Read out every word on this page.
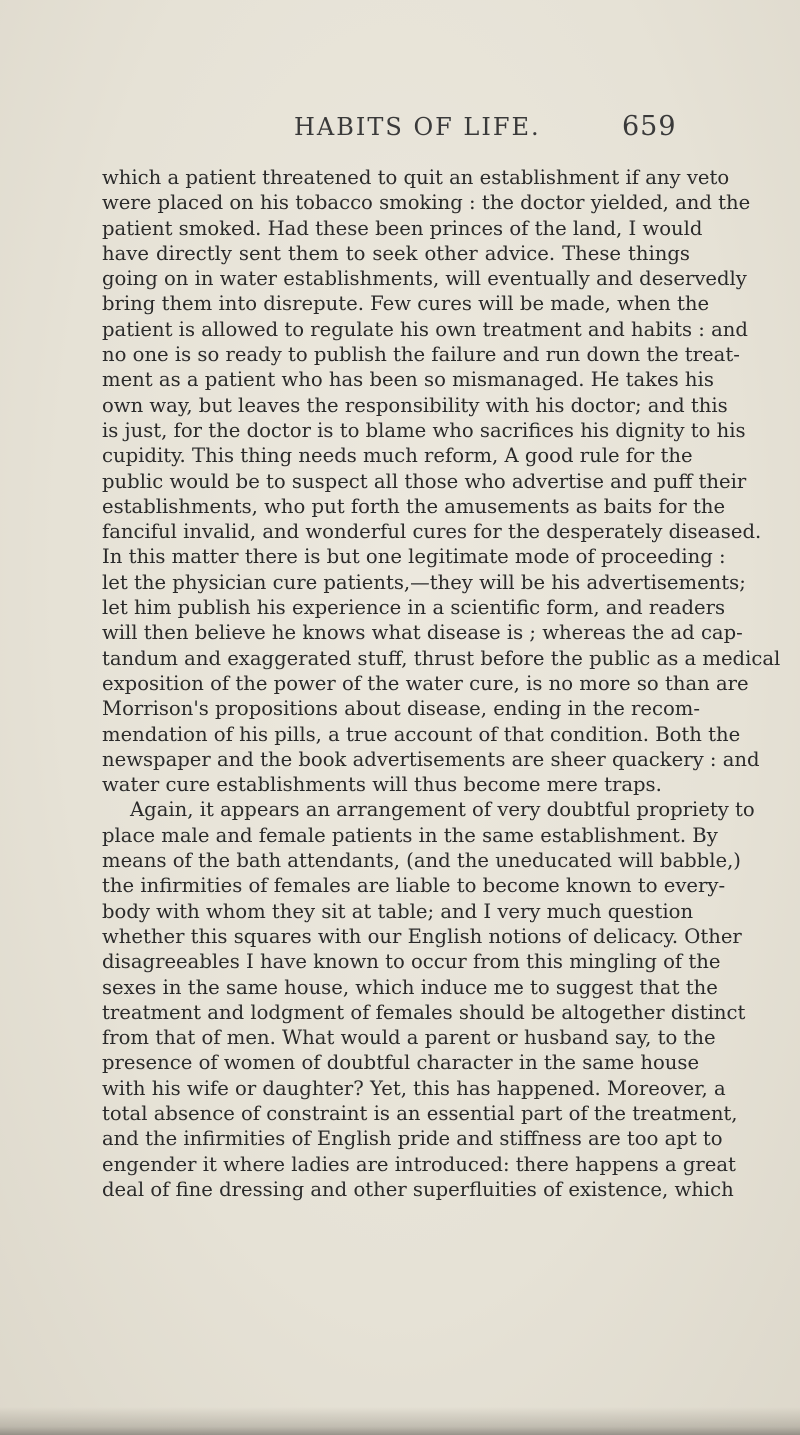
HABITS OF LIFE.	659
which a patient threatened to quit an establishment if any veto
were placed on his tobacco smoking : the doctor yielded, and the
patient smoked. Had these been princes of the land, I would
have directly sent them to seek other advice. These things
going on in water establishments, will eventually and deservedly
bring them into disrepute. Few cures will be made, when the
patient is allowed to regulate his own treatment and habits : and
no one is so ready to publish the failure and run down the treat-
ment as a patient who has been so mismanaged. He takes his
own way, but leaves the responsibility with his doctor; and this
is just, for the doctor is to blame who sacrifices his dignity to his
cupidity. This thing needs much reform, A good rule for the
public would be to suspect all those who advertise and puff their
establishments, who put forth the amusements as baits for the
fanciful invalid, and wonderful cures for the desperately diseased.
In this matter there is but one legitimate mode of proceeding :
let the physician cure patients,—they will be his advertisements;
let him publish his experience in a scientific form, and readers
will then believe he knows what disease is ; whereas the ad cap-
tandum and exaggerated stuff, thrust before the public as a medical
exposition of the power of the water cure, is no more so than are
Morrison's propositions about disease, ending in the recom-
mendation of his pills, a true account of that condition. Both the
newspaper and the book advertisements are sheer quackery : and
water cure establishments will thus become mere traps.
Again, it appears an arrangement of very doubtful propriety to
place male and female patients in the same establishment. By
means of the bath attendants, (and the uneducated will babble,)
the infirmities of females are liable to become known to every-
body with whom they sit at table; and I very much question
whether this squares with our English notions of delicacy. Other
disagreeables I have known to occur from this mingling of the
sexes in the same house, which induce me to suggest that the
treatment and lodgment of females should be altogether distinct
from that of men. What would a parent or husband say, to the
presence of women of doubtful character in the same house
with his wife or daughter? Yet, this has happened. Moreover, a
total absence of constraint is an essential part of the treatment,
and the infirmities of English pride and stiffness are too apt to
engender it where ladies are introduced: there happens a great
deal of fine dressing and other superfluities of existence, which
